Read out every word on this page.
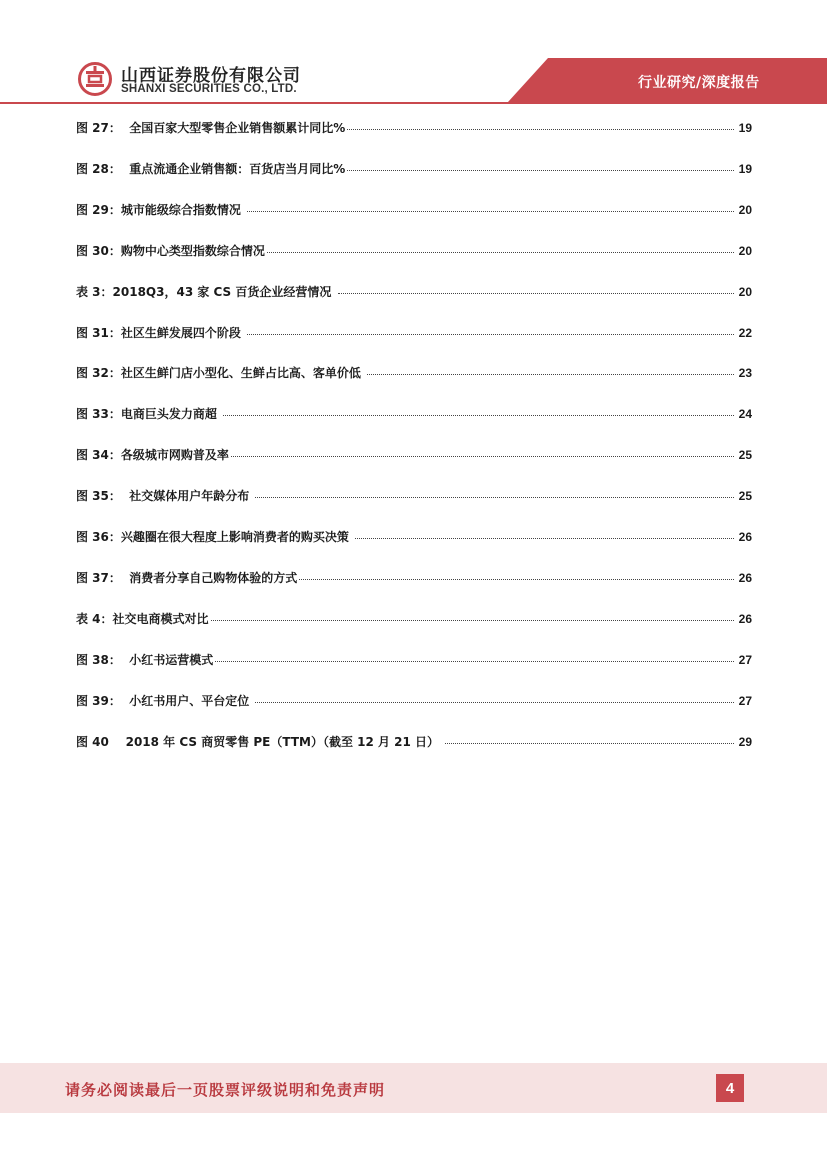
山西证券股份有限公司
SHANXI SECURITIES CO., LTD.	行业研究/深度报告
图 27：  全国百家大型零售企业销售额累计同比%	19
图 28：  重点流通企业销售额：百货店当月同比%	19
图 29：城市能级综合指数情况	20
图 30：购物中心类型指数综合情况	20
表 3：2018Q3，43 家 CS 百货企业经营情况	20
图 31：社区生鲜发展四个阶段	22
图 32：社区生鲜门店小型化、生鲜占比高、客单价低	23
图 33：电商巨头发力商超	24
图 34：各级城市网购普及率	25
图 35：  社交媒体用户年龄分布	25
图 36：兴趣圈在很大程度上影响消费者的购买决策	26
图 37：  消费者分享自己购物体验的方式	26
表 4：社交电商模式对比	26
图 38：  小红书运营模式	27
图 39：  小红书用户、平台定位	27
图 40    2018 年 CS 商贸零售 PE（TTM）（截至 12 月 21 日）	29
请务必阅读最后一页股票评级说明和免责声明	4
